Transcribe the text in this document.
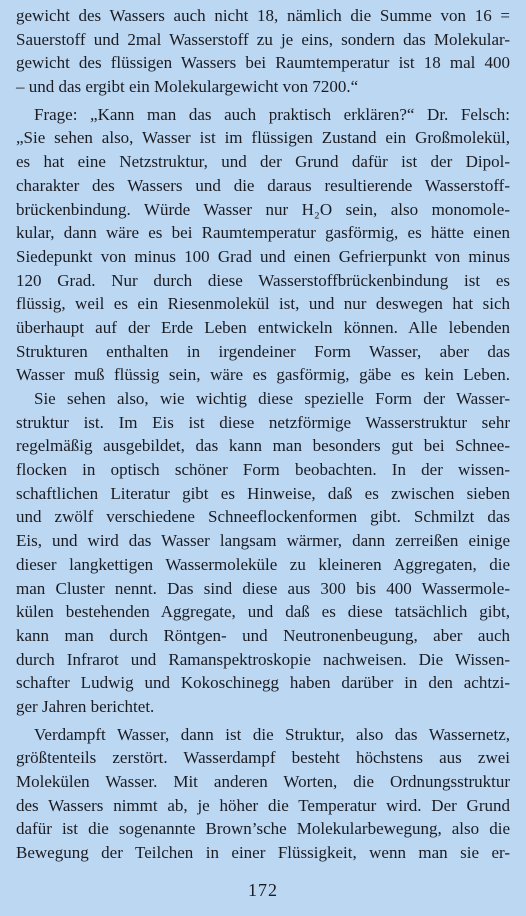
gewicht des Wassers auch nicht 18, nämlich die Summe von 16 =
Sauerstoff und 2mal Wasserstoff zu je eins, sondern das Molekular-
gewicht des flüssigen Wassers bei Raumtemperatur ist 18 mal 400
– und das ergibt ein Molekulargewicht von 7200.“
Frage: „Kann man das auch praktisch erklären?“ Dr. Felsch:
„Sie sehen also, Wasser ist im flüssigen Zustand ein Großmolekül,
es hat eine Netzstruktur, und der Grund dafür ist der Dipol-
charakter des Wassers und die daraus resultierende Wasserstoff-
brückenbindung. Würde Wasser nur H₂O sein, also monomole-
kular, dann wäre es bei Raumtemperatur gasförmig, es hätte einen
Siedepunkt von minus 100 Grad und einen Gefrierpunkt von minus
120 Grad. Nur durch diese Wasserstoffbrückenbindung ist es
flüssig, weil es ein Riesenmolekül ist, und nur deswegen hat sich
überhaupt auf der Erde Leben entwickeln können. Alle lebenden
Strukturen enthalten in irgendeiner Form Wasser, aber das
Wasser muß flüssig sein, wäre es gasförmig, gäbe es kein Leben.
Sie sehen also, wie wichtig diese spezielle Form der Wasser-
struktur ist. Im Eis ist diese netzförmige Wasserstruktur sehr
regelmäßig ausgebildet, das kann man besonders gut bei Schnee-
flocken in optisch schöner Form beobachten. In der wissen-
schaftlichen Literatur gibt es Hinweise, daß es zwischen sieben
und zwölf verschiedene Schneeflockenformen gibt. Schmilzt das
Eis, und wird das Wasser langsam wärmer, dann zerreißen einige
dieser langkettigen Wassermoleküle zu kleineren Aggregaten, die
man Cluster nennt. Das sind diese aus 300 bis 400 Wassermole-
külen bestehenden Aggregate, und daß es diese tatsächlich gibt,
kann man durch Röntgen- und Neutronenbeugung, aber auch
durch Infrarot und Ramanspektroskopie nachweisen. Die Wissen-
schafter Ludwig und Kokoschinegg haben darüber in den achtzi-
ger Jahren berichtet.
Verdampft Wasser, dann ist die Struktur, also das Wassernetz,
größtenteils zerstört. Wasserdampf besteht höchstens aus zwei
Molekülen Wasser. Mit anderen Worten, die Ordnungsstruktur
des Wassers nimmt ab, je höher die Temperatur wird. Der Grund
dafür ist die sogenannte Brown’sche Molekularbewegung, also die
Bewegung der Teilchen in einer Flüssigkeit, wenn man sie er-
172
